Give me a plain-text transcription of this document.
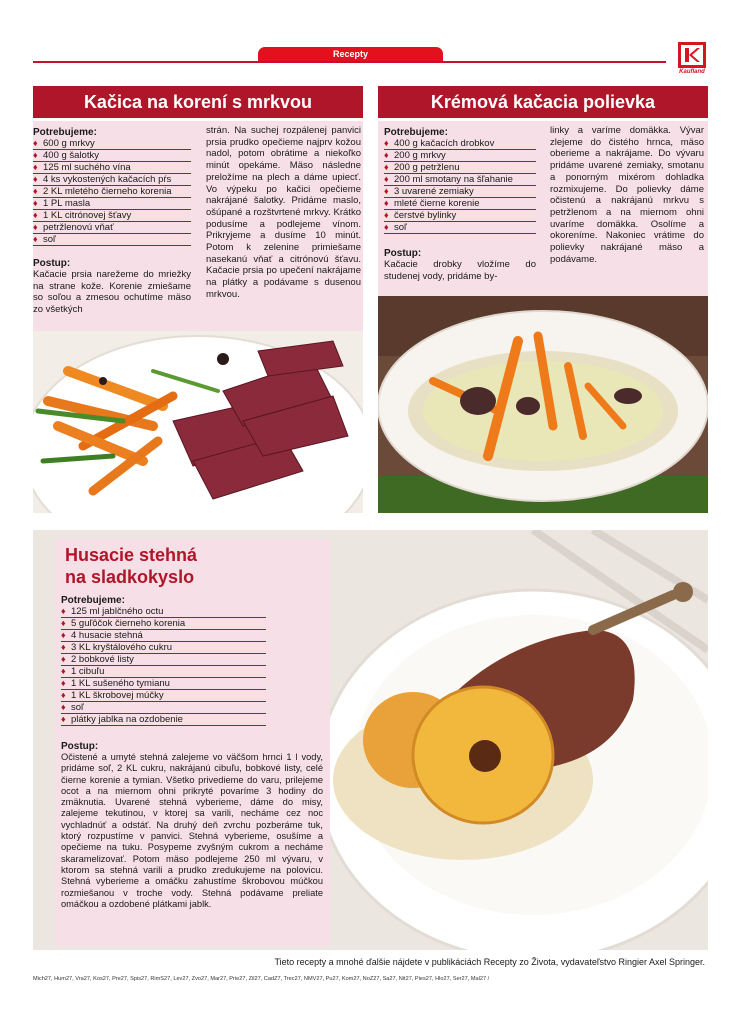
Recepty
Kaufland
Kačica na korení s mrkvou
Potrebujeme:
♦ 600 g mrkvy
♦ 400 g šalotky
♦ 125 ml suchého vína
♦ 4 ks vykostených kačacích pŕs
♦ 2 KL mletého čierneho korenia
♦ 1 PL masla
♦ 1 KL citrónovej šťavy
♦ petržlenovú vňať
♦ soľ
Postup:
Kačacie prsia narežeme do mriežky na strane kože. Korenie zmiešame so soľou a zmesou ochutíme mäso zo všetkých
strán. Na suchej rozpálenej panvici prsia prudko opečieme najprv kožou nadol, potom obrátime a niekoľko minút opekáme. Mäso následne preložíme na plech a dáme upiecť. Vo výpeku po kačici opečieme nakrájané šalotky. Pridáme maslo, ošúpané a rozštvrtené mrkvy. Krátko podusíme a podlejeme vínom. Prikryjeme a dusíme 10 minút. Potom k zelenine primiešame nasekanú vňať a citrónovú šťavu. Kačacie prsia po upečení nakrájame na plátky a podávame s dusenou mrkvou.
Krémová kačacia polievka
Potrebujeme:
♦ 400 g kačacích drobkov
♦ 200 g mrkvy
♦ 200 g petržlenu
♦ 200 ml smotany na šľahanie
♦ 3 uvarené zemiaky
♦ mleté čierne korenie
♦ čerstvé bylinky
♦ soľ
Postup:
Kačacie drobky vložíme do studenej vody, pridáme by-
linky a varíme domäkka. Vývar zlejeme do čistého hrnca, mäso oberieme a nakrájame. Do vývaru pridáme uvarené zemiaky, smotanu a ponorným mixérom dohladka rozmixujeme. Do polievky dáme očistenú a nakrájanú mrkvu s petržlenom a na miernom ohni uvaríme domäkka. Osolíme a okoreníme. Nakoniec vrátime do polievky nakrájané mäso a podávame.
Husacie stehná
na sladkokyslo
Potrebujeme:
♦ 125 ml jablčného octu
♦ 5 guľôčok čierneho korenia
♦ 4 husacie stehná
♦ 3 KL kryštálového cukru
♦ 2 bobkové listy
♦ 1 cibuľu
♦ 1 KL sušeného tymianu
♦ 1 KL škrobovej múčky
♦ soľ
♦ plátky jablka na ozdobenie
Postup:
Očistené a umyté stehná zalejeme vo väčšom hrnci 1 l vody, pridáme soľ, 2 KL cukru, nakrájanú cibuľu, bobkové listy, celé čierne korenie a tymian. Všetko privedieme do varu, prilejeme ocot a na miernom ohni prikryté povaríme 3 hodiny do zmäknutia. Uvarené stehná vyberieme, dáme do misy, zalejeme tekutinou, v ktorej sa varili, necháme cez noc vychladnúť a odstáť. Na druhý deň zvrchu pozberáme tuk, ktorý rozpustíme v panvici. Stehná vyberieme, osušíme a opečieme na tuku. Posypeme zvyšným cukrom a necháme skaramelizovať. Potom mäso podlejeme 250 ml vývaru, v ktorom sa stehná varili a prudko zredukujeme na polovicu. Stehná vyberieme a omáčku zahustíme škrobovou múčkou rozmiešanou v troche vody. Stehná podávame preliate omáčkou a ozdobené plátkami jablk.
Tieto recepty a mnohé ďalšie nájdete v publikáciách Recepty zo Života, vydavateľstvo Ringier Axel Springer.
Mich27, Hum27, Vra27, Kos27, Pre27, Spis27, RimS27, Lev27, Zvo27, Mar27, Prie27, Zil27, CadZ7, Trec27, NMV27, Pu27, Kom27, NoZ27, Sa27, Nit27, Pies27, Hlo27, Ser27, Mal27 /
